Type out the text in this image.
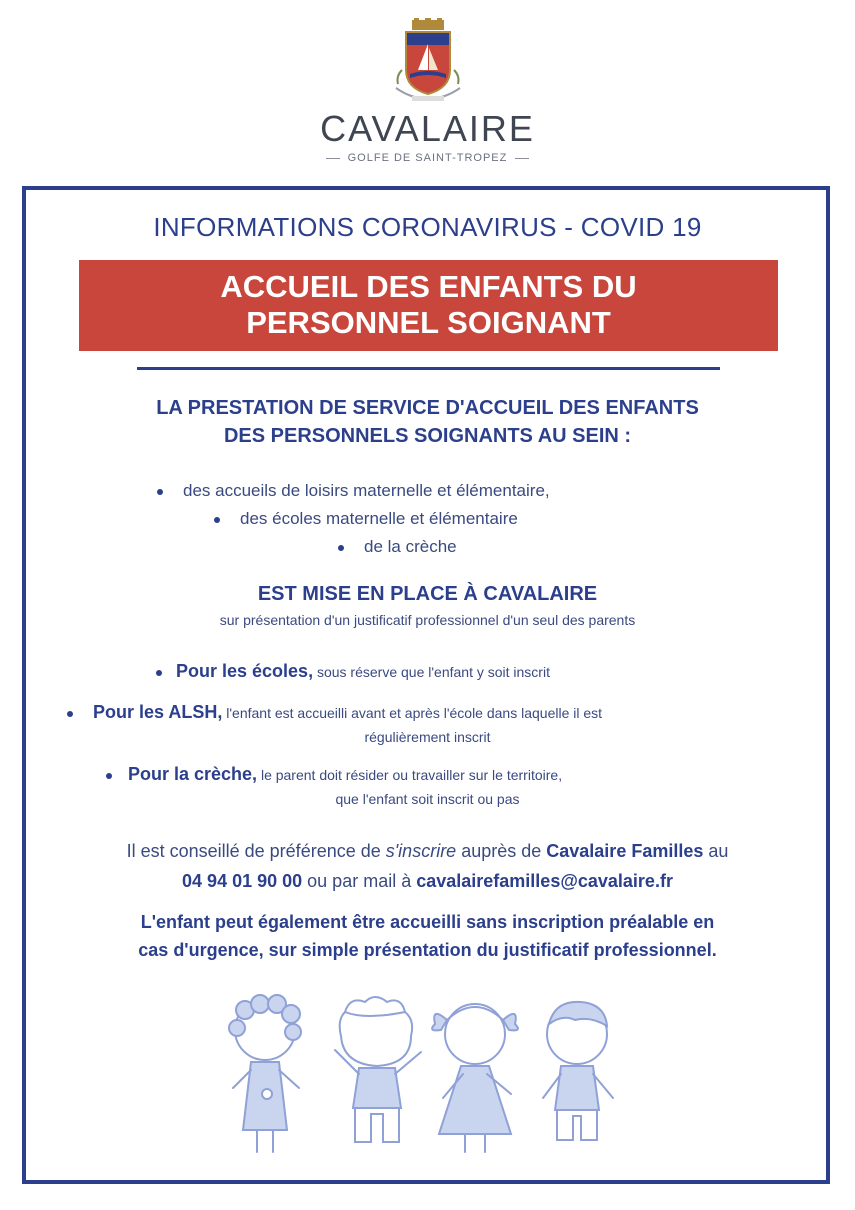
CAVALAIRE
GOLFE DE SAINT-TROPEZ
INFORMATIONS CORONAVIRUS - COVID 19
ACCUEIL DES ENFANTS DU
PERSONNEL SOIGNANT
LA PRESTATION DE SERVICE D'ACCUEIL DES ENFANTS
DES PERSONNELS SOIGNANTS AU SEIN :
des accueils de loisirs maternelle et élémentaire,
des écoles maternelle et élémentaire
de la crèche
EST MISE EN PLACE À CAVALAIRE
sur présentation d'un justificatif professionnel d'un seul des parents
Pour les écoles, sous réserve que l'enfant y soit inscrit
Pour les ALSH, l'enfant est accueilli avant et après l'école dans laquelle il est
régulièrement inscrit
Pour la crèche, le parent doit résider ou travailler sur le territoire,
que l'enfant soit inscrit ou pas
Il est conseillé de préférence de s'inscrire auprès de Cavalaire Familles au
04 94 01 90 00 ou par mail à cavalairefamilles@cavalaire.fr
L'enfant peut également être accueilli sans inscription préalable en
cas d'urgence, sur simple présentation du justificatif professionnel.
